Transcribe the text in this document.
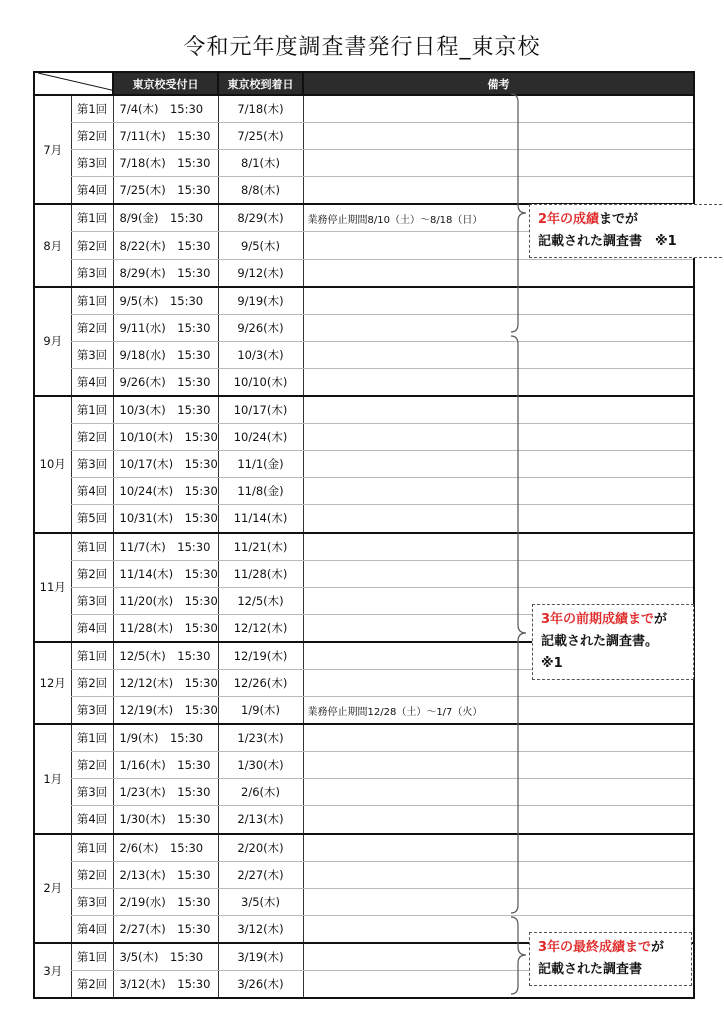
令和元年度調査書発行日程_東京校
	東京校受付日	東京校到着日	備考
7月	第1回	7/4(木)　15:30	7/18(木)	
	第2回	7/11(木)　15:30	7/25(木)	
	第3回	7/18(木)　15:30	8/1(木)	
	第4回	7/25(木)　15:30	8/8(木)	
8月	第1回	8/9(金)　15:30	8/29(木)	業務停止期間8/10（土）〜8/18（日）
	第2回	8/22(木)　15:30	9/5(木)	
	第3回	8/29(木)　15:30	9/12(木)	
9月	第1回	9/5(木)　15:30	9/19(木)	
	第2回	9/11(水)　15:30	9/26(木)	
	第3回	9/18(水)　15:30	10/3(木)	
	第4回	9/26(木)　15:30	10/10(木)	
10月	第1回	10/3(木)　15:30	10/17(木)	
	第2回	10/10(木)　15:30	10/24(木)	
	第3回	10/17(木)　15:30	11/1(金)	
	第4回	10/24(木)　15:30	11/8(金)	
	第5回	10/31(木)　15:30	11/14(木)	
11月	第1回	11/7(木)　15:30	11/21(木)	
	第2回	11/14(木)　15:30	11/28(木)	
	第3回	11/20(水)　15:30	12/5(木)	
	第4回	11/28(木)　15:30	12/12(木)	
12月	第1回	12/5(木)　15:30	12/19(木)	
	第2回	12/12(木)　15:30	12/26(木)	
	第3回	12/19(木)　15:30	1/9(木)	業務停止期間12/28（土）〜1/7（火）
1月	第1回	1/9(木)　15:30	1/23(木)	
	第2回	1/16(木)　15:30	1/30(木)	
	第3回	1/23(木)　15:30	2/6(木)	
	第4回	1/30(木)　15:30	2/13(木)	
2月	第1回	2/6(木)　15:30	2/20(木)	
	第2回	2/13(木)　15:30	2/27(木)	
	第3回	2/19(水)　15:30	3/5(木)	
	第4回	2/27(木)　15:30	3/12(木)	
3月	第1回	3/5(木)　15:30	3/19(木)	
	第2回	3/12(木)　15:30	3/26(木)	
2年の成績までが
記載された調査書　※1
3年の前期成績までが
記載された調査書。
※1
3年の最終成績までが
記載された調査書
